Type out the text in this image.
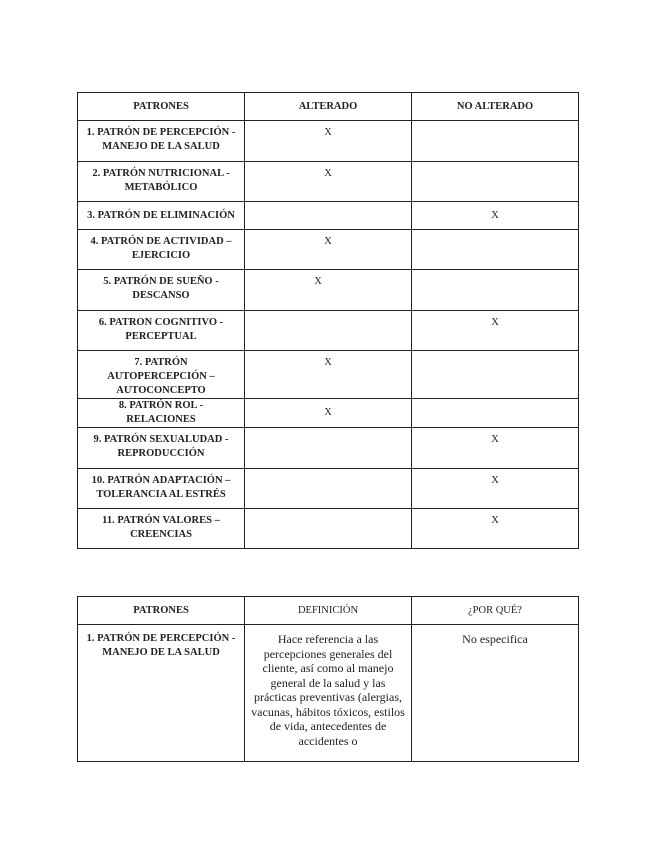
PATRONES	ALTERADO	NO ALTERADO
1. PATRÓN DE PERCEPCIÓN - MANEJO DE LA SALUD	X	
2. PATRÓN NUTRICIONAL - METABÓLICO	X	
3. PATRÓN DE ELIMINACIÓN		X
4. PATRÓN DE ACTIVIDAD – EJERCICIO	X	
5. PATRÓN DE SUEÑO - DESCANSO	X	
6. PATRON COGNITIVO - PERCEPTUAL		X
7. PATRÓN AUTOPERCEPCIÓN – AUTOCONCEPTO	X	
8. PATRÓN ROL - RELACIONES	X	
9. PATRÓN SEXUALUDAD - REPRODUCCIÓN		X
10. PATRÓN ADAPTACIÓN – TOLERANCIA AL ESTRÉS		X
11. PATRÓN VALORES – CREENCIAS		X
PATRONES	DEFINICIÓN	¿POR QUÉ?
1. PATRÓN DE PERCEPCIÓN - MANEJO DE LA SALUD	Hace referencia a las percepciones generales del cliente, así como al manejo general de la salud y las prácticas preventivas (alergias, vacunas, hábitos tóxicos, estilos de vida, antecedentes de accidentes o	No especifica
